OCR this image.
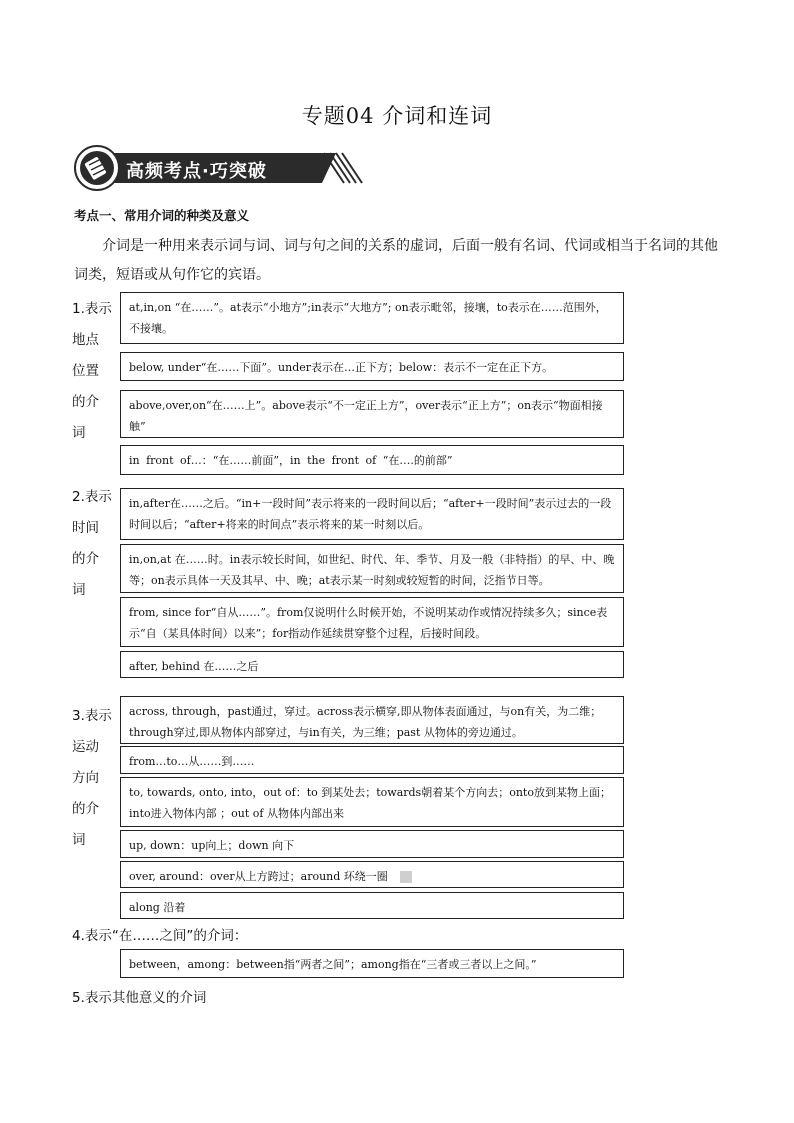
专题04 介词和连词
高频考点·巧突破
考点一、常用介词的种类及意义
介词是一种用来表示词与词、词与句之间的关系的虚词，后面一般有名词、代词或相当于名词的其他词类，短语或从句作它的宾语。
1.表示地点位置的介词
at,in,on “在……”。at表示“小地方”;in表示“大地方”; on表示毗邻，接壤，to表示在……范围外，不接壤。
below, under“在……下面”。under表示在…正下方；below：表示不一定在正下方。
above,over,on“在……上”。above表示“不一定正上方”，over表示“正上方”；on表示“物面相接触”
in front of…：“在……前面”，in the front of “在….的前部”
2.表示时间的介词
in,after在……之后。“in+一段时间”表示将来的一段时间以后；“after+一段时间”表示过去的一段时间以后；“after+将来的时间点”表示将来的某一时刻以后。
in,on,at 在……时。in表示较长时间，如世纪、时代、年、季节、月及一般（非特指）的早、中、晚等；on表示具体一天及其早、中、晚；at表示某一时刻或较短暂的时间，泛指节日等。
from, since for“自从……”。from仅说明什么时候开始，不说明某动作或情况持续多久；since表示“自（某具体时间）以来”；for指动作延续贯穿整个过程，后接时间段。
after, behind 在……之后
3.表示运动方向的介词
across, through，past通过，穿过。across表示横穿,即从物体表面通过，与on有关，为二维；through穿过,即从物体内部穿过，与in有关，为三维；past 从物体的旁边通过。
from…to…从……到……
to, towards, onto, into，out of：to 到某处去；towards朝着某个方向去；onto放到某物上面；into进入物体内部 ；out of 从物体内部出来
up, down：up向上；down 向下
over, around：over从上方跨过；around 环绕一圈
along 沿着
4.表示“在……之间”的介词：
between，among：between指“两者之间”；among指在“三者或三者以上之间。”
5.表示其他意义的介词
